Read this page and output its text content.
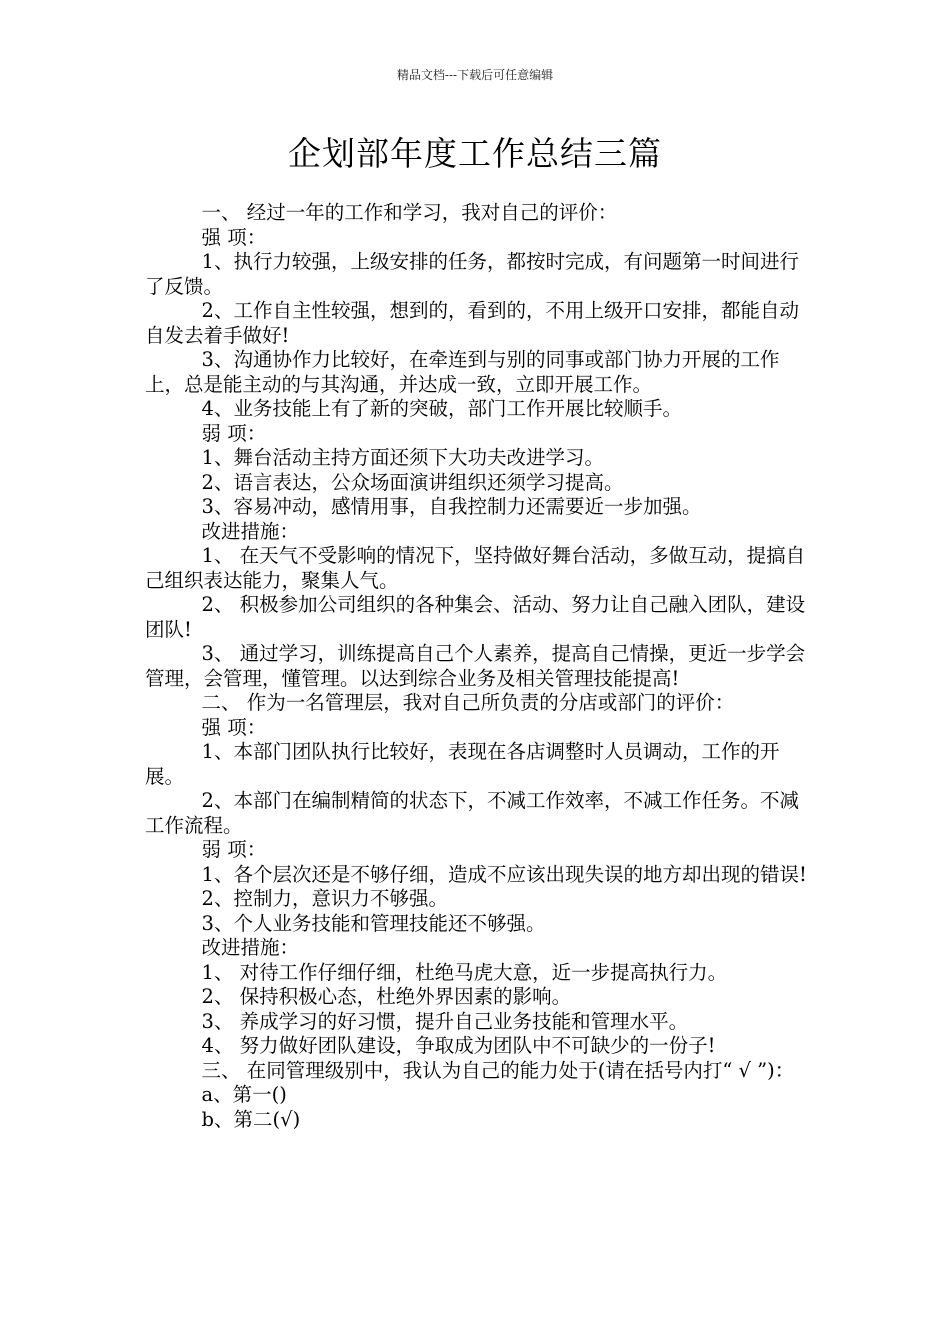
精品文档---下载后可任意编辑
企划部年度工作总结三篇

一、 经过一年的工作和学习，我对自己的评价：

强 项：

1、执行力较强，上级安排的任务，都按时完成，有问题第一时间进行了反馈。

2、工作自主性较强，想到的，看到的，不用上级开口安排，都能自动自发去着手做好!

3、沟通协作力比较好，在牵连到与别的同事或部门协力开展的工作上，总是能主动的与其沟通，并达成一致，立即开展工作。

4、业务技能上有了新的突破，部门工作开展比较顺手。

弱 项：

1、舞台活动主持方面还须下大功夫改进学习。

2、语言表达，公众场面演讲组织还须学习提高。

3、容易冲动，感情用事，自我控制力还需要近一步加强。

改进措施：

1、 在天气不受影响的情况下，坚持做好舞台活动，多做互动，提搞自己组织表达能力，聚集人气。

2、 积极参加公司组织的各种集会、活动、努力让自己融入团队，建设团队!

3、 通过学习，训练提高自己个人素养，提高自己情操，更近一步学会管理，会管理，懂管理。以达到综合业务及相关管理技能提高!

二、 作为一名管理层，我对自己所负责的分店或部门的评价：

强 项：

1、本部门团队执行比较好，表现在各店调整时人员调动，工作的开展。

2、本部门在编制精简的状态下，不减工作效率，不减工作任务。不减工作流程。

弱 项：

1、各个层次还是不够仔细，造成不应该出现失误的地方却出现的错误!

2、控制力，意识力不够强。

3、个人业务技能和管理技能还不够强。

改进措施：

1、 对待工作仔细仔细，杜绝马虎大意，近一步提高执行力。

2、 保持积极心态，杜绝外界因素的影响。

3、 养成学习的好习惯，提升自己业务技能和管理水平。

4、 努力做好团队建设，争取成为团队中不可缺少的一份子!

三、 在同管理级别中，我认为自己的能力处于(请在括号内打“ √ ”)：

a、第一()

b、第二(√)
